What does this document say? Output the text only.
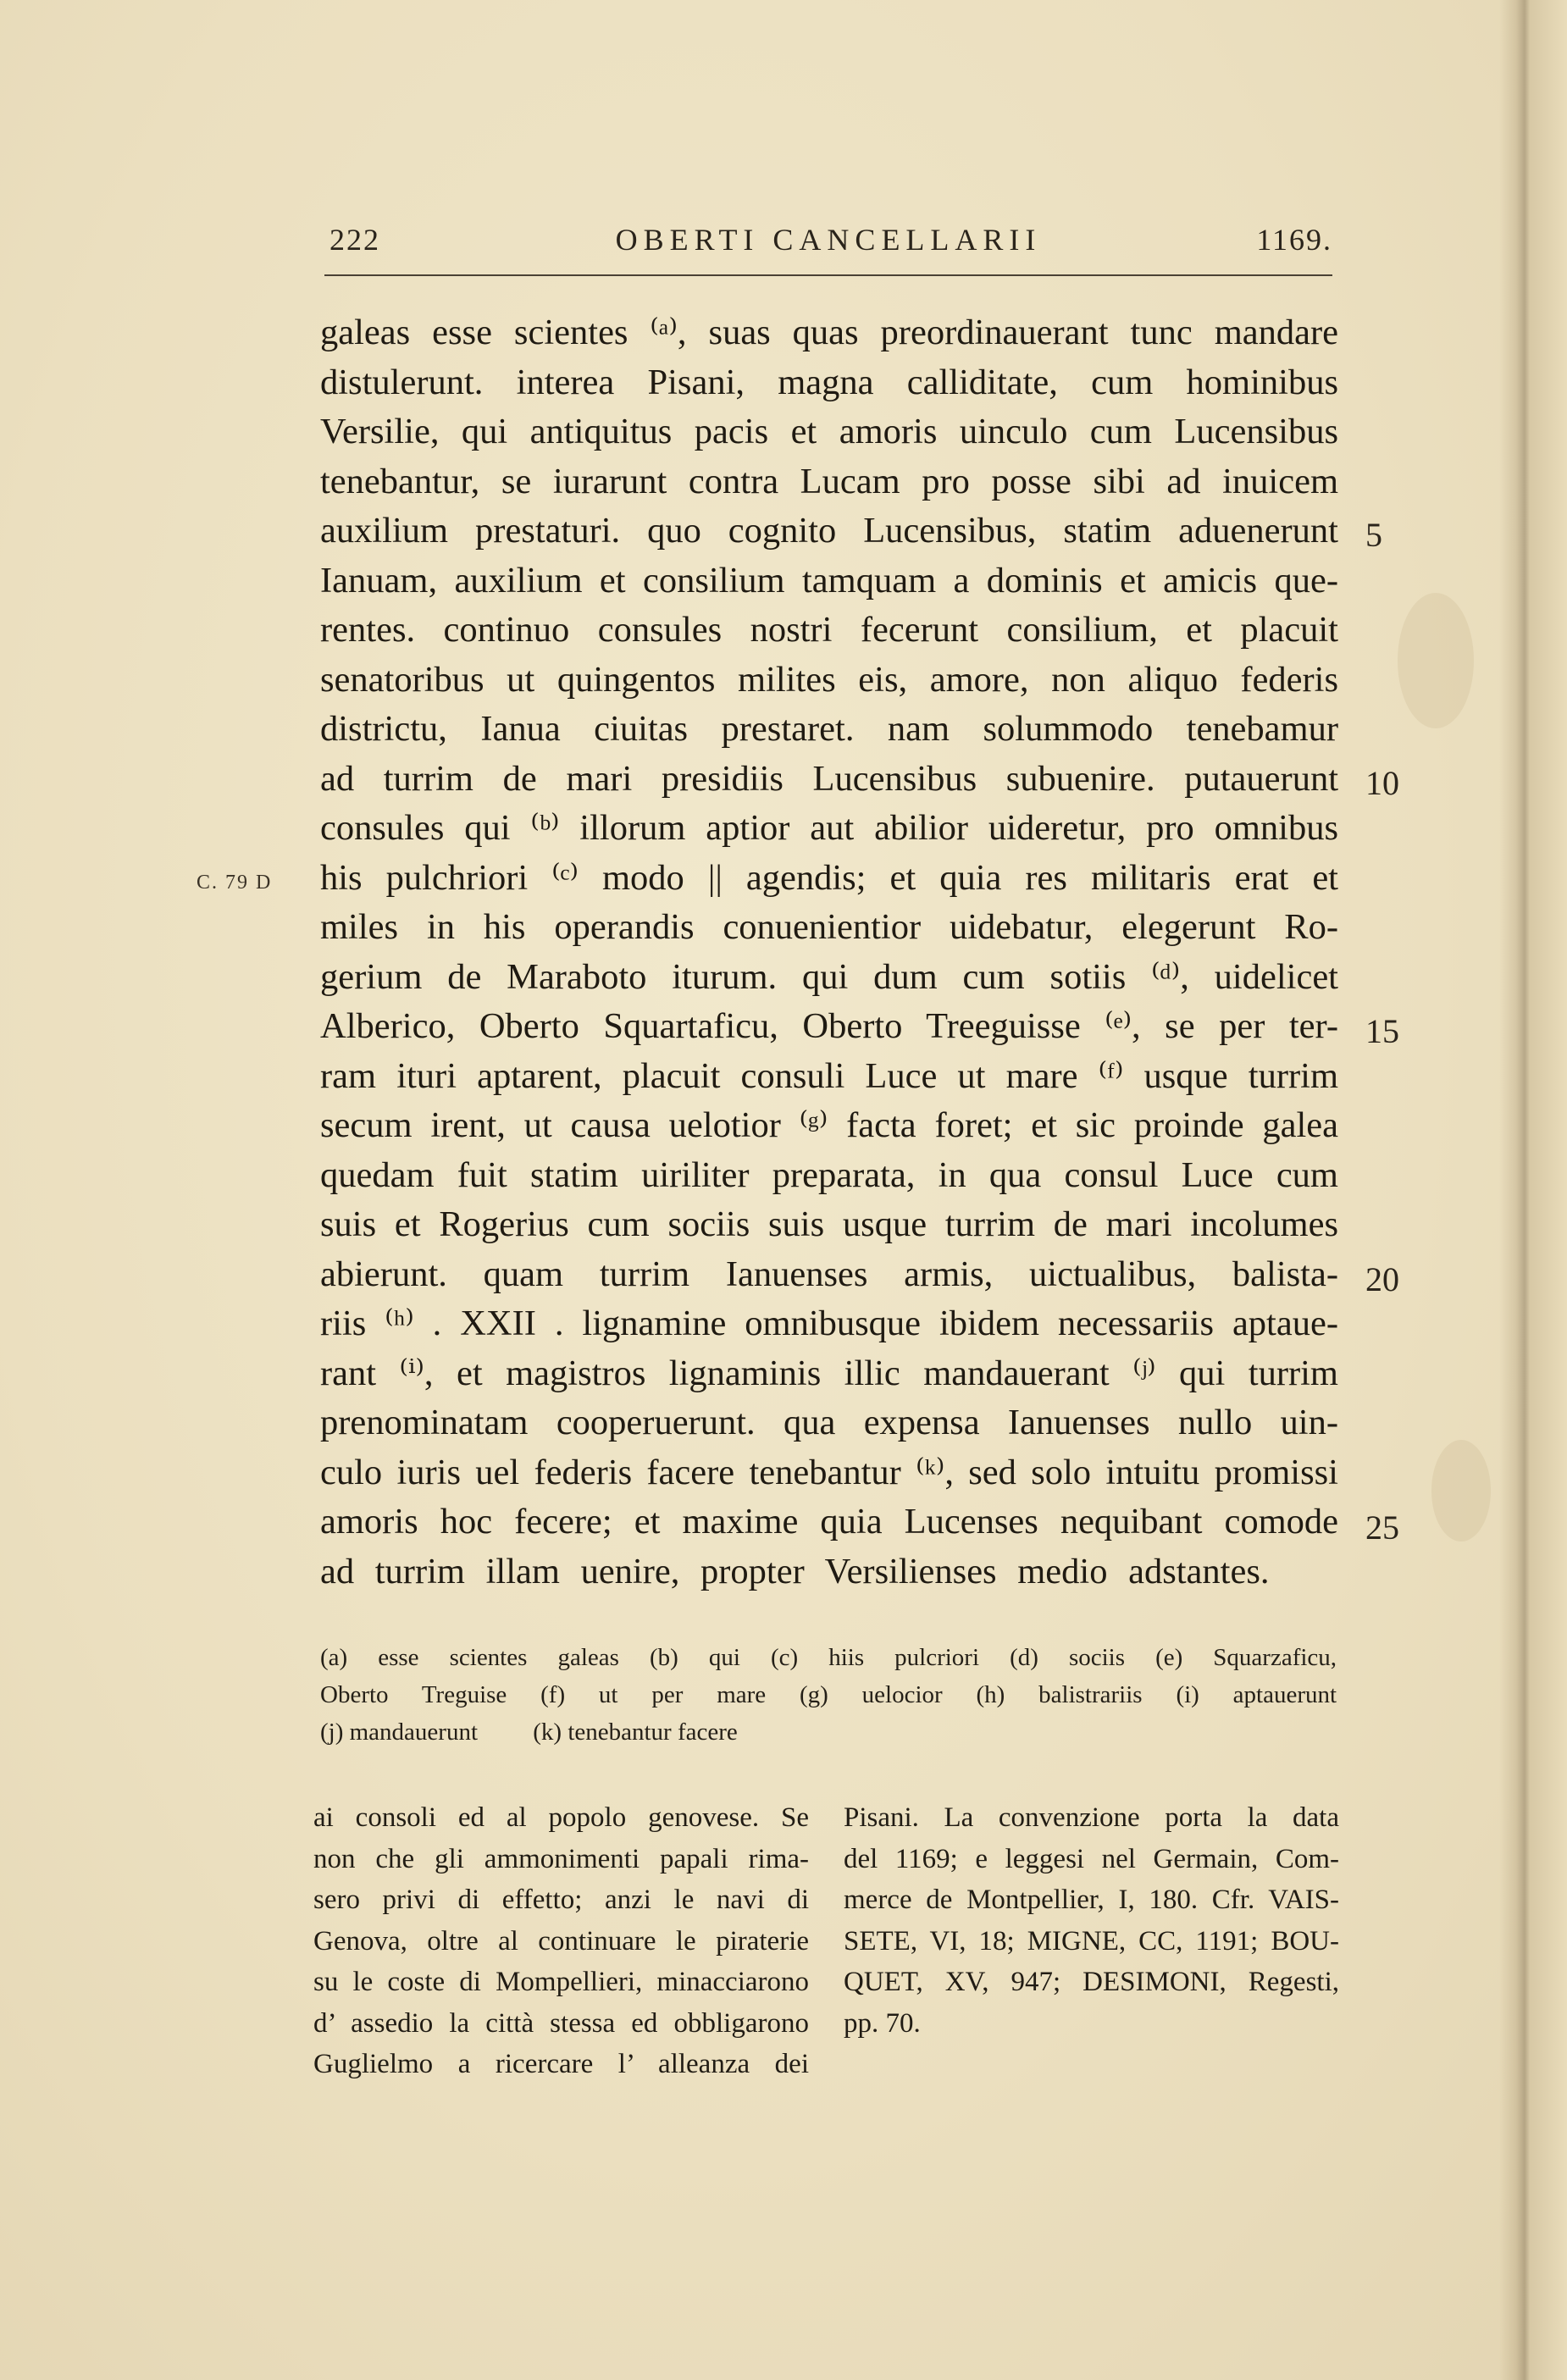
222	OBERTI CANCELLARII	1169.
C. 79 D
galeas esse scientes ⁽ᵃ⁾, suas quas preordinauerant tunc mandare
distulerunt. interea Pisani, magna calliditate, cum hominibus
Versilie, qui antiquitus pacis et amoris uinculo cum Lucensibus
tenebantur, se iurarunt contra Lucam pro posse sibi ad inuicem
auxilium prestaturi. quo cognito Lucensibus, statim aduenerunt
Ianuam, auxilium et consilium tamquam a dominis et amicis que-
rentes. continuo consules nostri fecerunt consilium, et placuit
senatoribus ut quingentos milites eis, amore, non aliquo federis
districtu, Ianua ciuitas prestaret. nam solummodo tenebamur
ad turrim de mari presidiis Lucensibus subuenire. putauerunt
consules qui ⁽ᵇ⁾ illorum aptior aut abilior uideretur, pro omnibus
his pulchriori ⁽ᶜ⁾ modo || agendis; et quia res militaris erat et
miles in his operandis conuenientior uidebatur, elegerunt Ro-
gerium de Maraboto iturum. qui dum cum sotiis ⁽ᵈ⁾, uidelicet
Alberico, Oberto Squartaficu, Oberto Treeguisse ⁽ᵉ⁾, se per ter-
ram ituri aptarent, placuit consuli Luce ut mare ⁽ᶠ⁾ usque turrim
secum irent, ut causa uelotior ⁽ᵍ⁾ facta foret; et sic proinde galea
quedam fuit statim uiriliter preparata, in qua consul Luce cum
suis et Rogerius cum sociis suis usque turrim de mari incolumes
abierunt. quam turrim Ianuenses armis, uictualibus, balista-
riis ⁽ʰ⁾ . XXII . lignamine omnibusque ibidem necessariis aptaue-
rant ⁽ⁱ⁾, et magistros lignaminis illic mandauerant ⁽ʲ⁾ qui turrim
prenominatam cooperuerunt. qua expensa Ianuenses nullo uin-
culo iuris uel federis facere tenebantur ⁽ᵏ⁾, sed solo intuitu promissi
amoris hoc fecere; et maxime quia Lucenses nequibant comode
ad turrim illam uenire, propter Versilienses medio adstantes.
5
10
15
20
25
(a) esse scientes galeas (b) qui (c) hiis pulcriori (d) sociis (e) Squarzaficu,
Oberto Treguise (f) ut per mare (g) uelocior (h) balistrariis (i) aptauerunt
(j) mandauerunt (k) tenebantur facere
ai consoli ed al popolo genovese. Se
non che gli ammonimenti papali rima-
sero privi di effetto; anzi le navi di
Genova, oltre al continuare le piraterie
su le coste di Mompellieri, minacciarono
d’ assedio la città stessa ed obbligarono
Guglielmo a ricercare l’ alleanza dei
Pisani. La convenzione porta la data
del 1169; e leggesi nel Germain, Com-
merce de Montpellier, I, 180. Cfr. VAIS-
SETE, VI, 18; MIGNE, CC, 1191; BOU-
QUET, XV, 947; DESIMONI, Regesti,
pp. 70.
